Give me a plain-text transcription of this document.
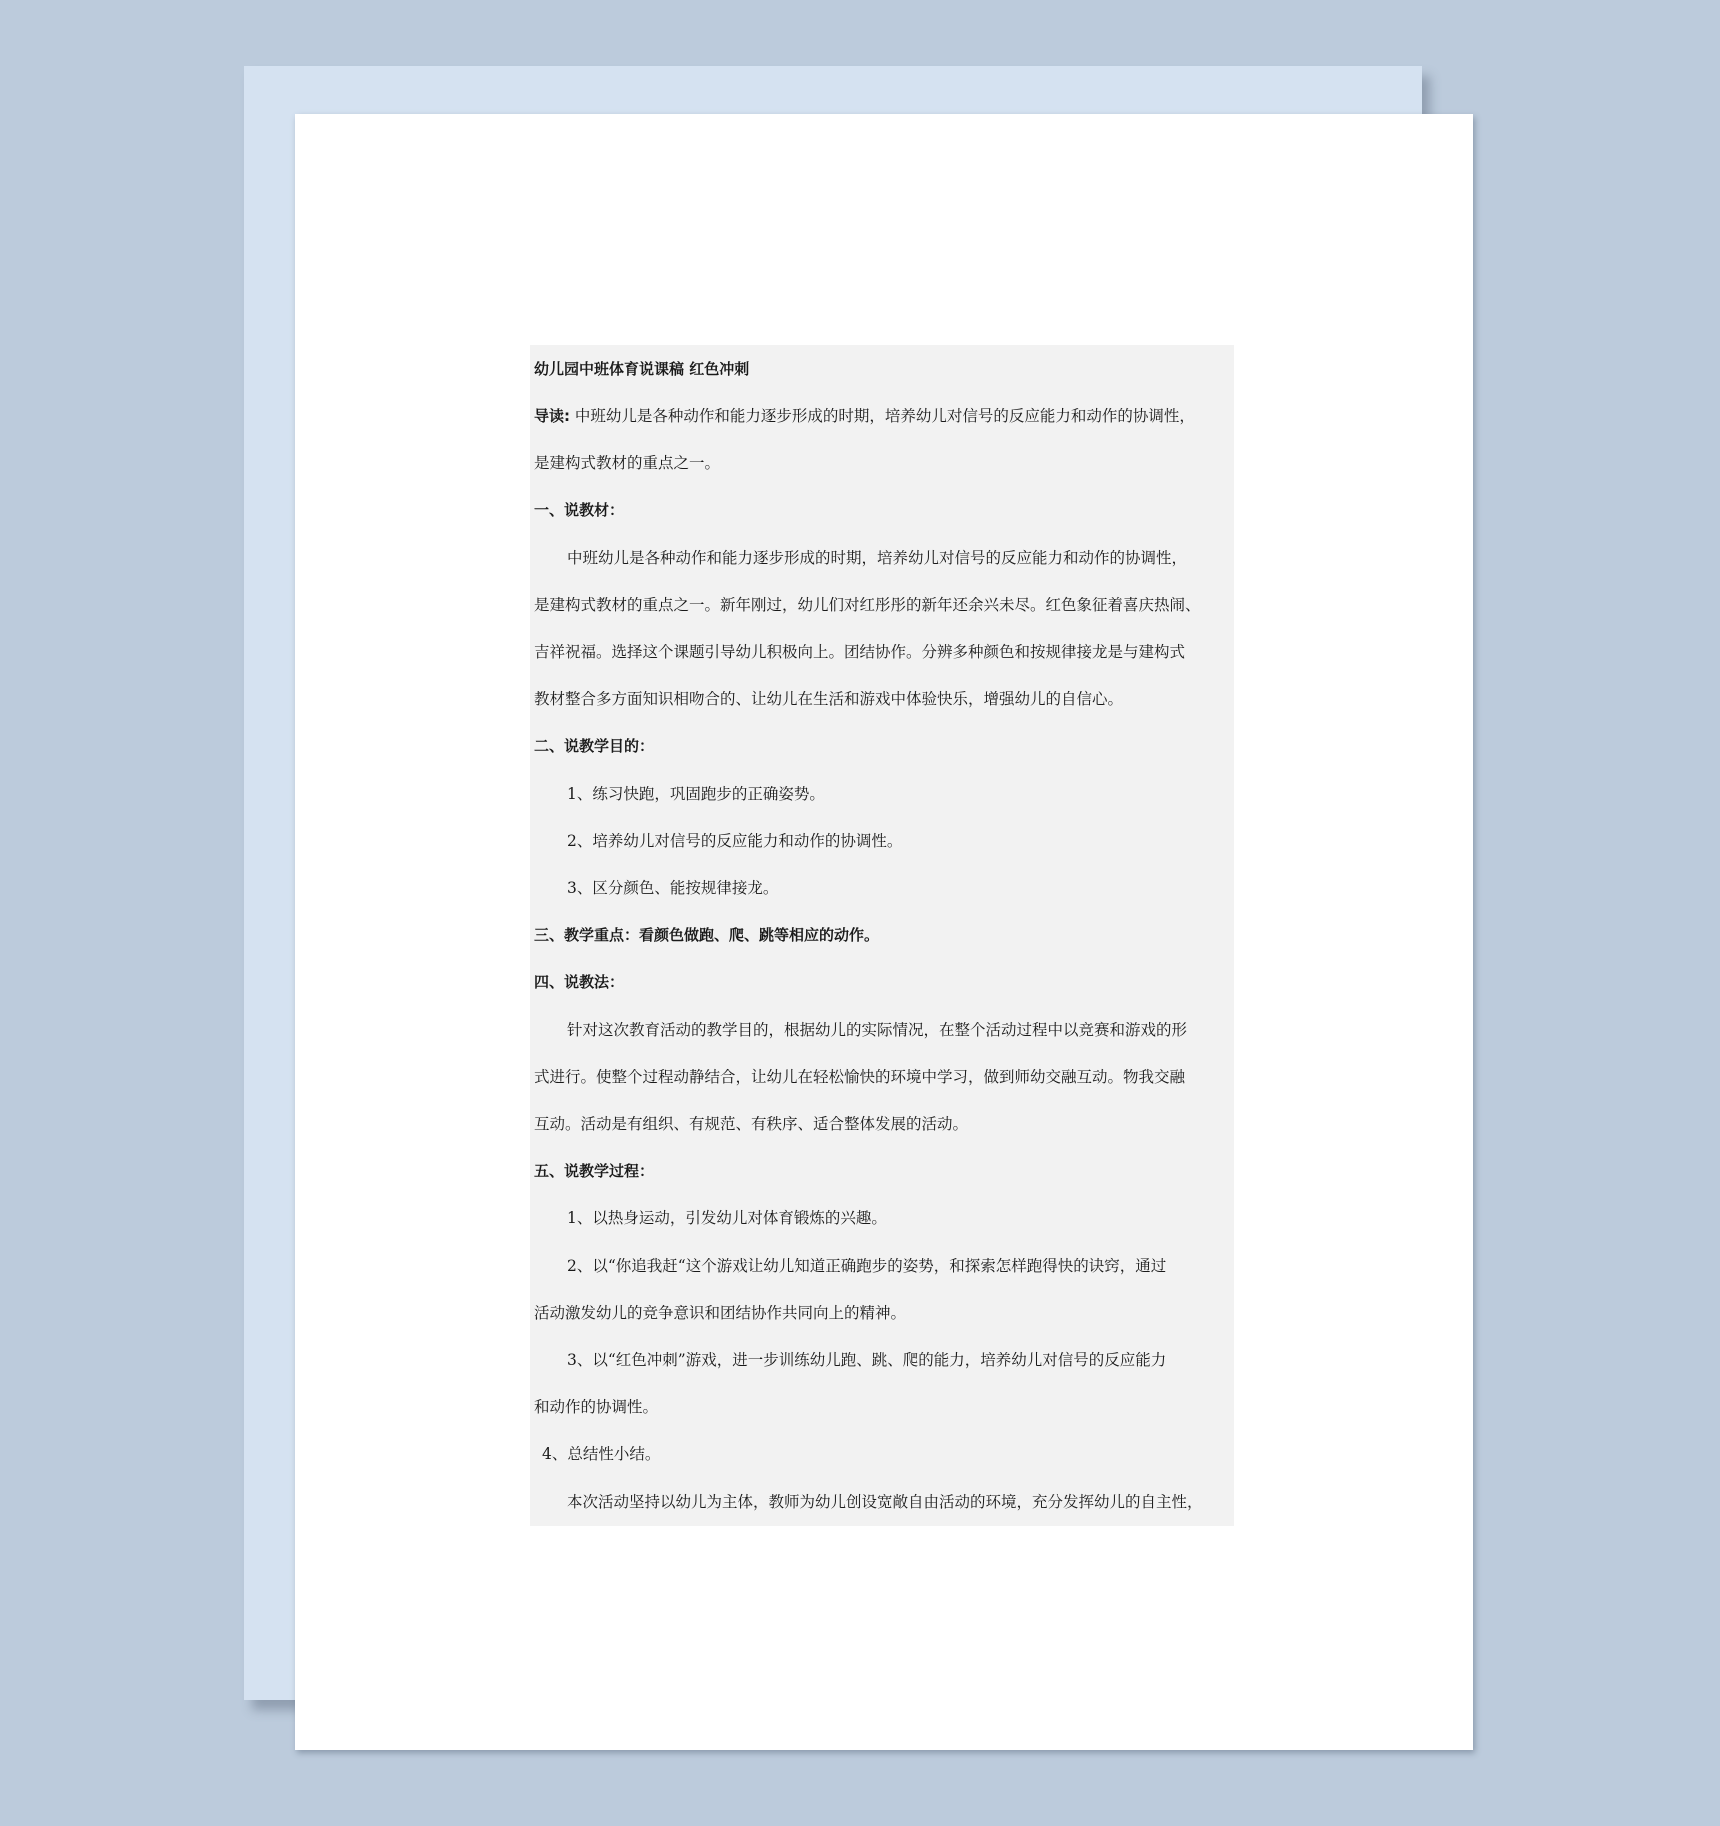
幼儿园中班体育说课稿 红色冲刺
导读: 中班幼儿是各种动作和能力逐步形成的时期，培养幼儿对信号的反应能力和动作的协调性，
是建构式教材的重点之一。
一、说教材：
中班幼儿是各种动作和能力逐步形成的时期，培养幼儿对信号的反应能力和动作的协调性，
是建构式教材的重点之一。新年刚过，幼儿们对红彤彤的新年还余兴未尽。红色象征着喜庆热闹、
吉祥祝福。选择这个课题引导幼儿积极向上。团结协作。分辨多种颜色和按规律接龙是与建构式
教材整合多方面知识相吻合的、让幼儿在生活和游戏中体验快乐，增强幼儿的自信心。
二、说教学目的：
1、练习快跑，巩固跑步的正确姿势。
2、培养幼儿对信号的反应能力和动作的协调性。
3、区分颜色、能按规律接龙。
三、教学重点：看颜色做跑、爬、跳等相应的动作。
四、说教法：
针对这次教育活动的教学目的，根据幼儿的实际情况，在整个活动过程中以竞赛和游戏的形
式进行。使整个过程动静结合，让幼儿在轻松愉快的环境中学习，做到师幼交融互动。物我交融
互动。活动是有组织、有规范、有秩序、适合整体发展的活动。
五、说教学过程：
1、以热身运动，引发幼儿对体育锻炼的兴趣。
2、以“你追我赶“这个游戏让幼儿知道正确跑步的姿势，和探索怎样跑得快的诀窍，通过
活动激发幼儿的竞争意识和团结协作共同向上的精神。
3、以“红色冲刺”游戏，进一步训练幼儿跑、跳、爬的能力，培养幼儿对信号的反应能力
和动作的协调性。
4、总结性小结。
本次活动坚持以幼儿为主体，教师为幼儿创设宽敞自由活动的环境，充分发挥幼儿的自主性，
